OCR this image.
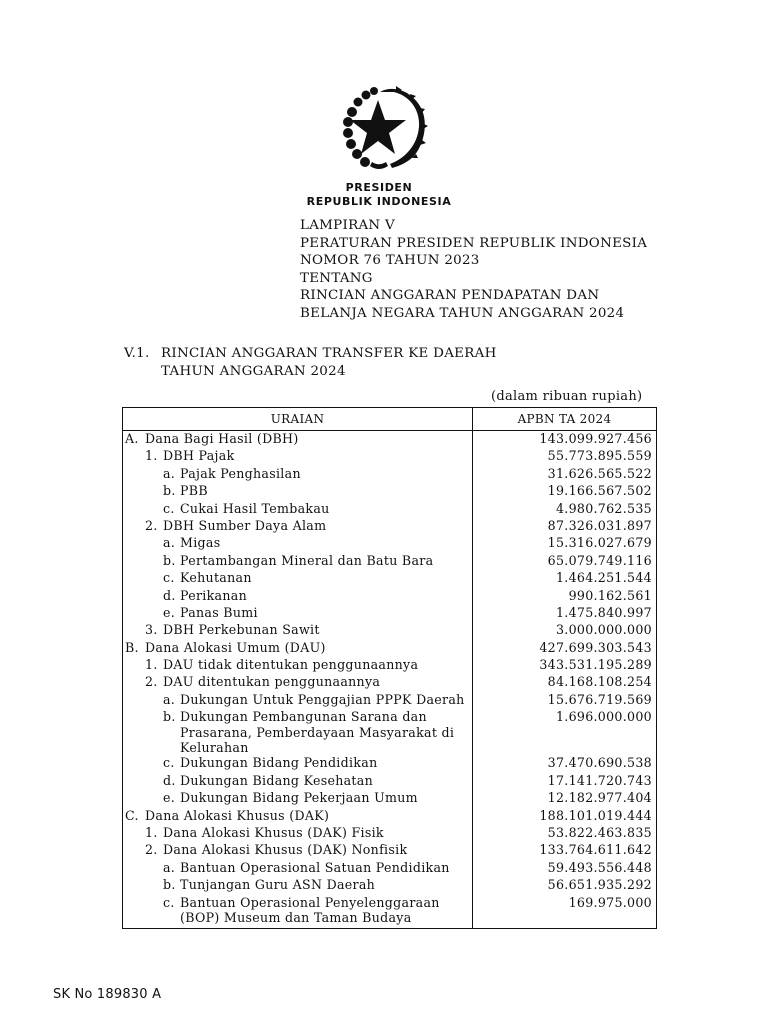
PRESIDEN
REPUBLIK INDONESIA
LAMPIRAN V
PERATURAN PRESIDEN REPUBLIK INDONESIA
NOMOR 76 TAHUN 2023
TENTANG
RINCIAN ANGGARAN PENDAPATAN DAN
BELANJA NEGARA TAHUN ANGGARAN 2024
V.1. RINCIAN ANGGARAN TRANSFER KE DAERAH
TAHUN ANGGARAN 2024
(dalam ribuan rupiah)
URAIAN	APBN TA 2024

A. Dana Bagi Hasil (DBH)	143.099.927.456

1. DBH Pajak	55.773.895.559

a. Pajak Penghasilan	31.626.565.522

b. PBB	19.166.567.502

c. Cukai Hasil Tembakau	4.980.762.535

2. DBH Sumber Daya Alam	87.326.031.897

a. Migas	15.316.027.679

b. Pertambangan Mineral dan Batu Bara	65.079.749.116

c. Kehutanan	1.464.251.544

d. Perikanan	990.162.561

e. Panas Bumi	1.475.840.997

3. DBH Perkebunan Sawit	3.000.000.000

B. Dana Alokasi Umum (DAU)	427.699.303.543

1. DAU tidak ditentukan penggunaannya	343.531.195.289

2. DAU ditentukan penggunaannya	84.168.108.254

a. Dukungan Untuk Penggajian PPPK Daerah	15.676.719.569

b. Dukungan Pembangunan Sarana dan Prasarana, Pemberdayaan Masyarakat di Kelurahan	1.696.000.000

c. Dukungan Bidang Pendidikan	37.470.690.538

d. Dukungan Bidang Kesehatan	17.141.720.743

e. Dukungan Bidang Pekerjaan Umum	12.182.977.404

C. Dana Alokasi Khusus (DAK)	188.101.019.444

1. Dana Alokasi Khusus (DAK) Fisik	53.822.463.835

2. Dana Alokasi Khusus (DAK) Nonfisik	133.764.611.642

a. Bantuan Operasional Satuan Pendidikan	59.493.556.448

b. Tunjangan Guru ASN Daerah	56.651.935.292

c. Bantuan Operasional Penyelenggaraan (BOP) Museum dan Taman Budaya	169.975.000
SK No 189830 A
